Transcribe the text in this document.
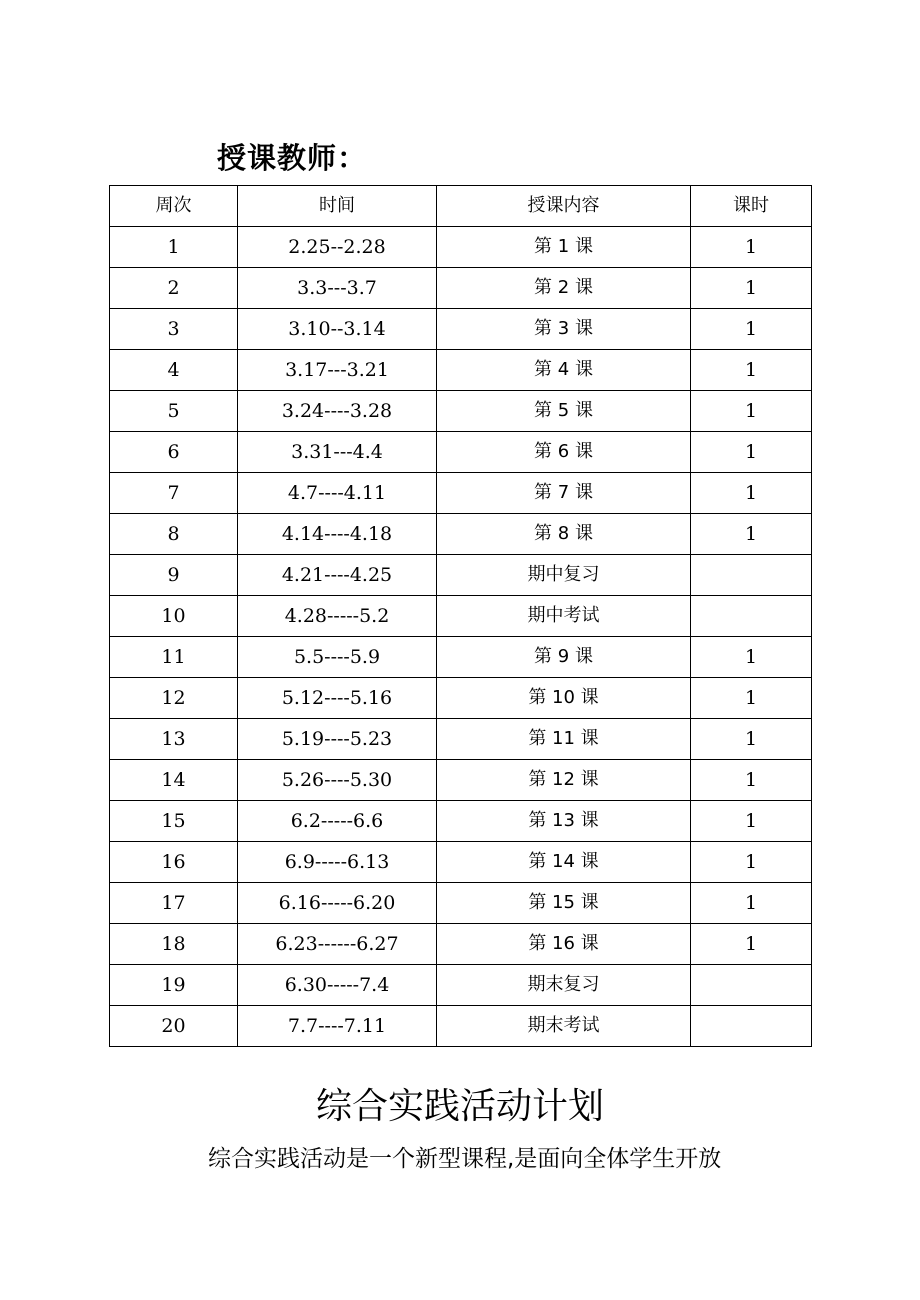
授课教师：
周次	时间	授课内容	课时
1	2.25--2.28	第 1 课	1
2	3.3---3.7	第 2 课	1
3	3.10--3.14	第 3 课	1
4	3.17---3.21	第 4 课	1
5	3.24----3.28	第 5 课	1
6	3.31---4.4	第 6 课	1
7	4.7----4.11	第 7 课	1
8	4.14----4.18	第 8 课	1
9	4.21----4.25	期中复习	
10	4.28-----5.2	期中考试	
11	5.5----5.9	第 9 课	1
12	5.12----5.16	第 10 课	1
13	5.19----5.23	第 11 课	1
14	5.26----5.30	第 12 课	1
15	6.2-----6.6	第 13 课	1
16	6.9-----6.13	第 14 课	1
17	6.16-----6.20	第 15 课	1
18	6.23------6.27	第 16 课	1
19	6.30-----7.4	期末复习	
20	7.7----7.11	期末考试	
综合实践活动计划
综合实践活动是一个新型课程,是面向全体学生开放
